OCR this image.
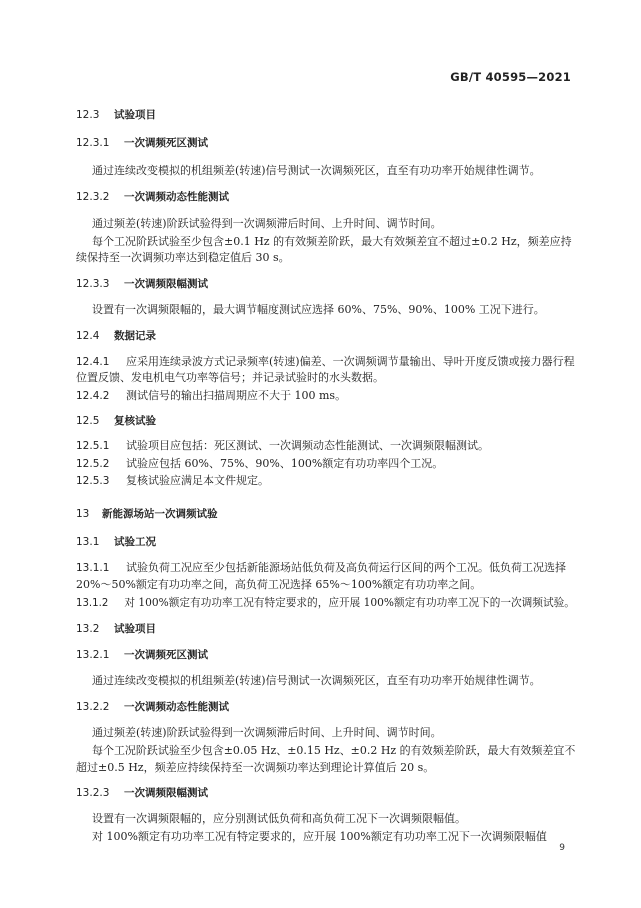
GB/T 40595—2021
12.3 试验项目
12.3.1 一次调频死区测试
通过连续改变模拟的机组频差(转速)信号测试一次调频死区，直至有功功率开始规律性调节。
12.3.2 一次调频动态性能测试
通过频差(转速)阶跃试验得到一次调频滞后时间、上升时间、调节时间。
每个工况阶跃试验至少包含±0.1 Hz 的有效频差阶跃，最大有效频差宜不超过±0.2 Hz，频差应持
续保持至一次调频功率达到稳定值后 30 s。
12.3.3 一次调频限幅测试
设置有一次调频限幅的，最大调节幅度测试应选择 60%、75%、90%、100% 工况下进行。
12.4 数据记录
12.4.1 应采用连续录波方式记录频率(转速)偏差、一次调频调节量输出、导叶开度反馈或接力器行程
位置反馈、发电机电气功率等信号；并记录试验时的水头数据。
12.4.2 测试信号的输出扫描周期应不大于 100 ms。
12.5 复核试验
12.5.1 试验项目应包括：死区测试、一次调频动态性能测试、一次调频限幅测试。
12.5.2 试验应包括 60%、75%、90%、100%额定有功功率四个工况。
12.5.3 复核试验应满足本文件规定。
13 新能源场站一次调频试验
13.1 试验工况
13.1.1 试验负荷工况应至少包括新能源场站低负荷及高负荷运行区间的两个工况。低负荷工况选择
20%～50%额定有功功率之间，高负荷工况选择 65%～100%额定有功功率之间。
13.1.2 对 100%额定有功功率工况有特定要求的，应开展 100%额定有功功率工况下的一次调频试验。
13.2 试验项目
13.2.1 一次调频死区测试
通过连续改变模拟的机组频差(转速)信号测试一次调频死区，直至有功功率开始规律性调节。
13.2.2 一次调频动态性能测试
通过频差(转速)阶跃试验得到一次调频滞后时间、上升时间、调节时间。
每个工况阶跃试验至少包含±0.05 Hz、±0.15 Hz、±0.2 Hz 的有效频差阶跃，最大有效频差宜不
超过±0.5 Hz，频差应持续保持至一次调频功率达到理论计算值后 20 s。
13.2.3 一次调频限幅测试
设置有一次调频限幅的，应分别测试低负荷和高负荷工况下一次调频限幅值。
对 100%额定有功功率工况有特定要求的，应开展 100%额定有功功率工况下一次调频限幅值
9
